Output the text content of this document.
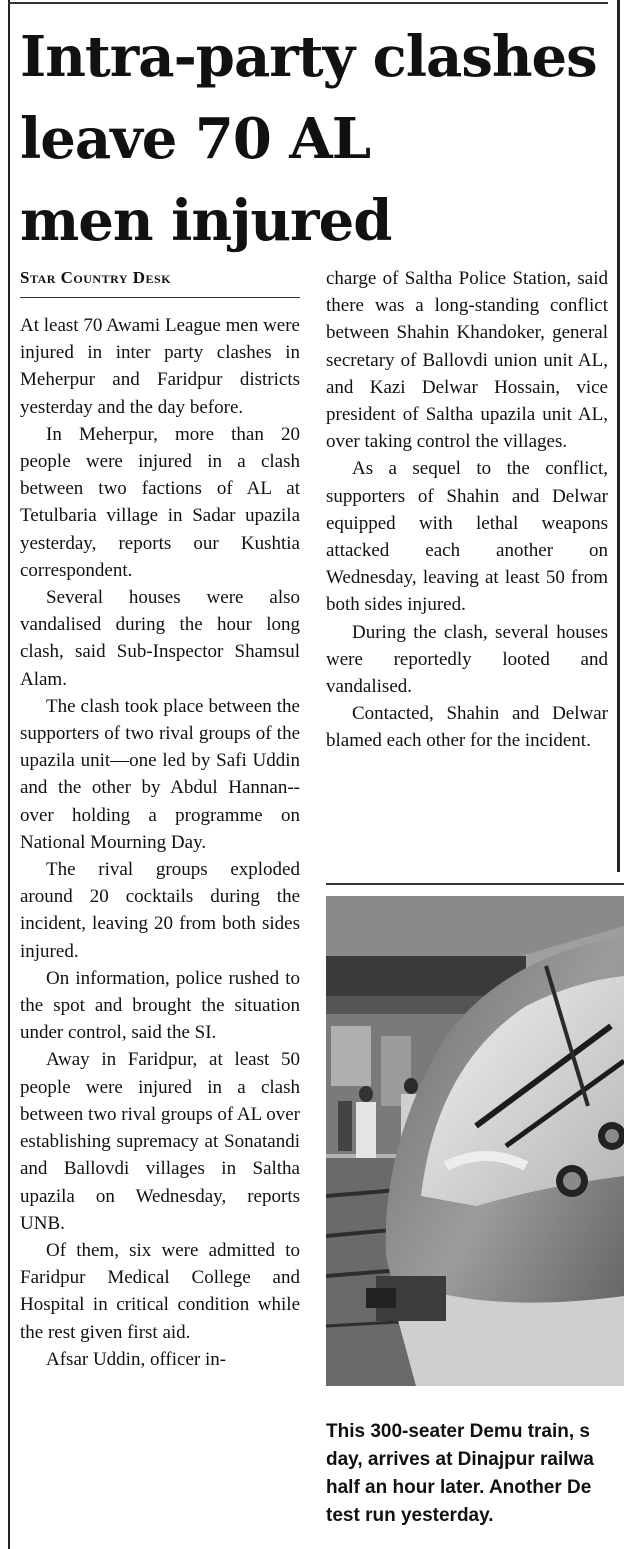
Intra-party clashes
leave 70 AL
men injured
Star Country Desk

At least 70 Awami League men were injured in inter party clashes in Meherpur and Faridpur districts yesterday and the day before.

In Meherpur, more than 20 people were injured in a clash between two factions of AL at Tetulbaria village in Sadar upazila yesterday, reports our Kushtia correspondent.

Several houses were also vandalised during the hour long clash, said Sub-Inspector Shamsul Alam.

The clash took place between the supporters of two rival groups of the upazila unit—one led by Safi Uddin and the other by Abdul Hannan--over holding a programme on National Mourning Day.

The rival groups exploded around 20 cocktails during the incident, leaving 20 from both sides injured.

On information, police rushed to the spot and brought the situation under control, said the SI.

Away in Faridpur, at least 50 people were injured in a clash between two rival groups of AL over establishing supremacy at Sonatandi and Ballovdi villages in Saltha upazila on Wednesday, reports UNB.

Of them, six were admitted to Faridpur Medical College and Hospital in critical condition while the rest given first aid.

Afsar Uddin, officer in-

charge of Saltha Police Station, said there was a long-standing conflict between Shahin Khandoker, general secretary of Ballovdi union unit AL, and Kazi Delwar Hossain, vice president of Saltha upazila unit AL, over taking control the villages.

As a sequel to the conflict, supporters of Shahin and Delwar equipped with lethal weapons attacked each another on Wednesday, leaving at least 50 from both sides injured.

During the clash, several houses were reportedly looted and vandalised.

Contacted, Shahin and Delwar blamed each other for the incident.

This 300-seater Demu train, s
day, arrives at Dinajpur railwa
half an hour later. Another De
test run yesterday.
